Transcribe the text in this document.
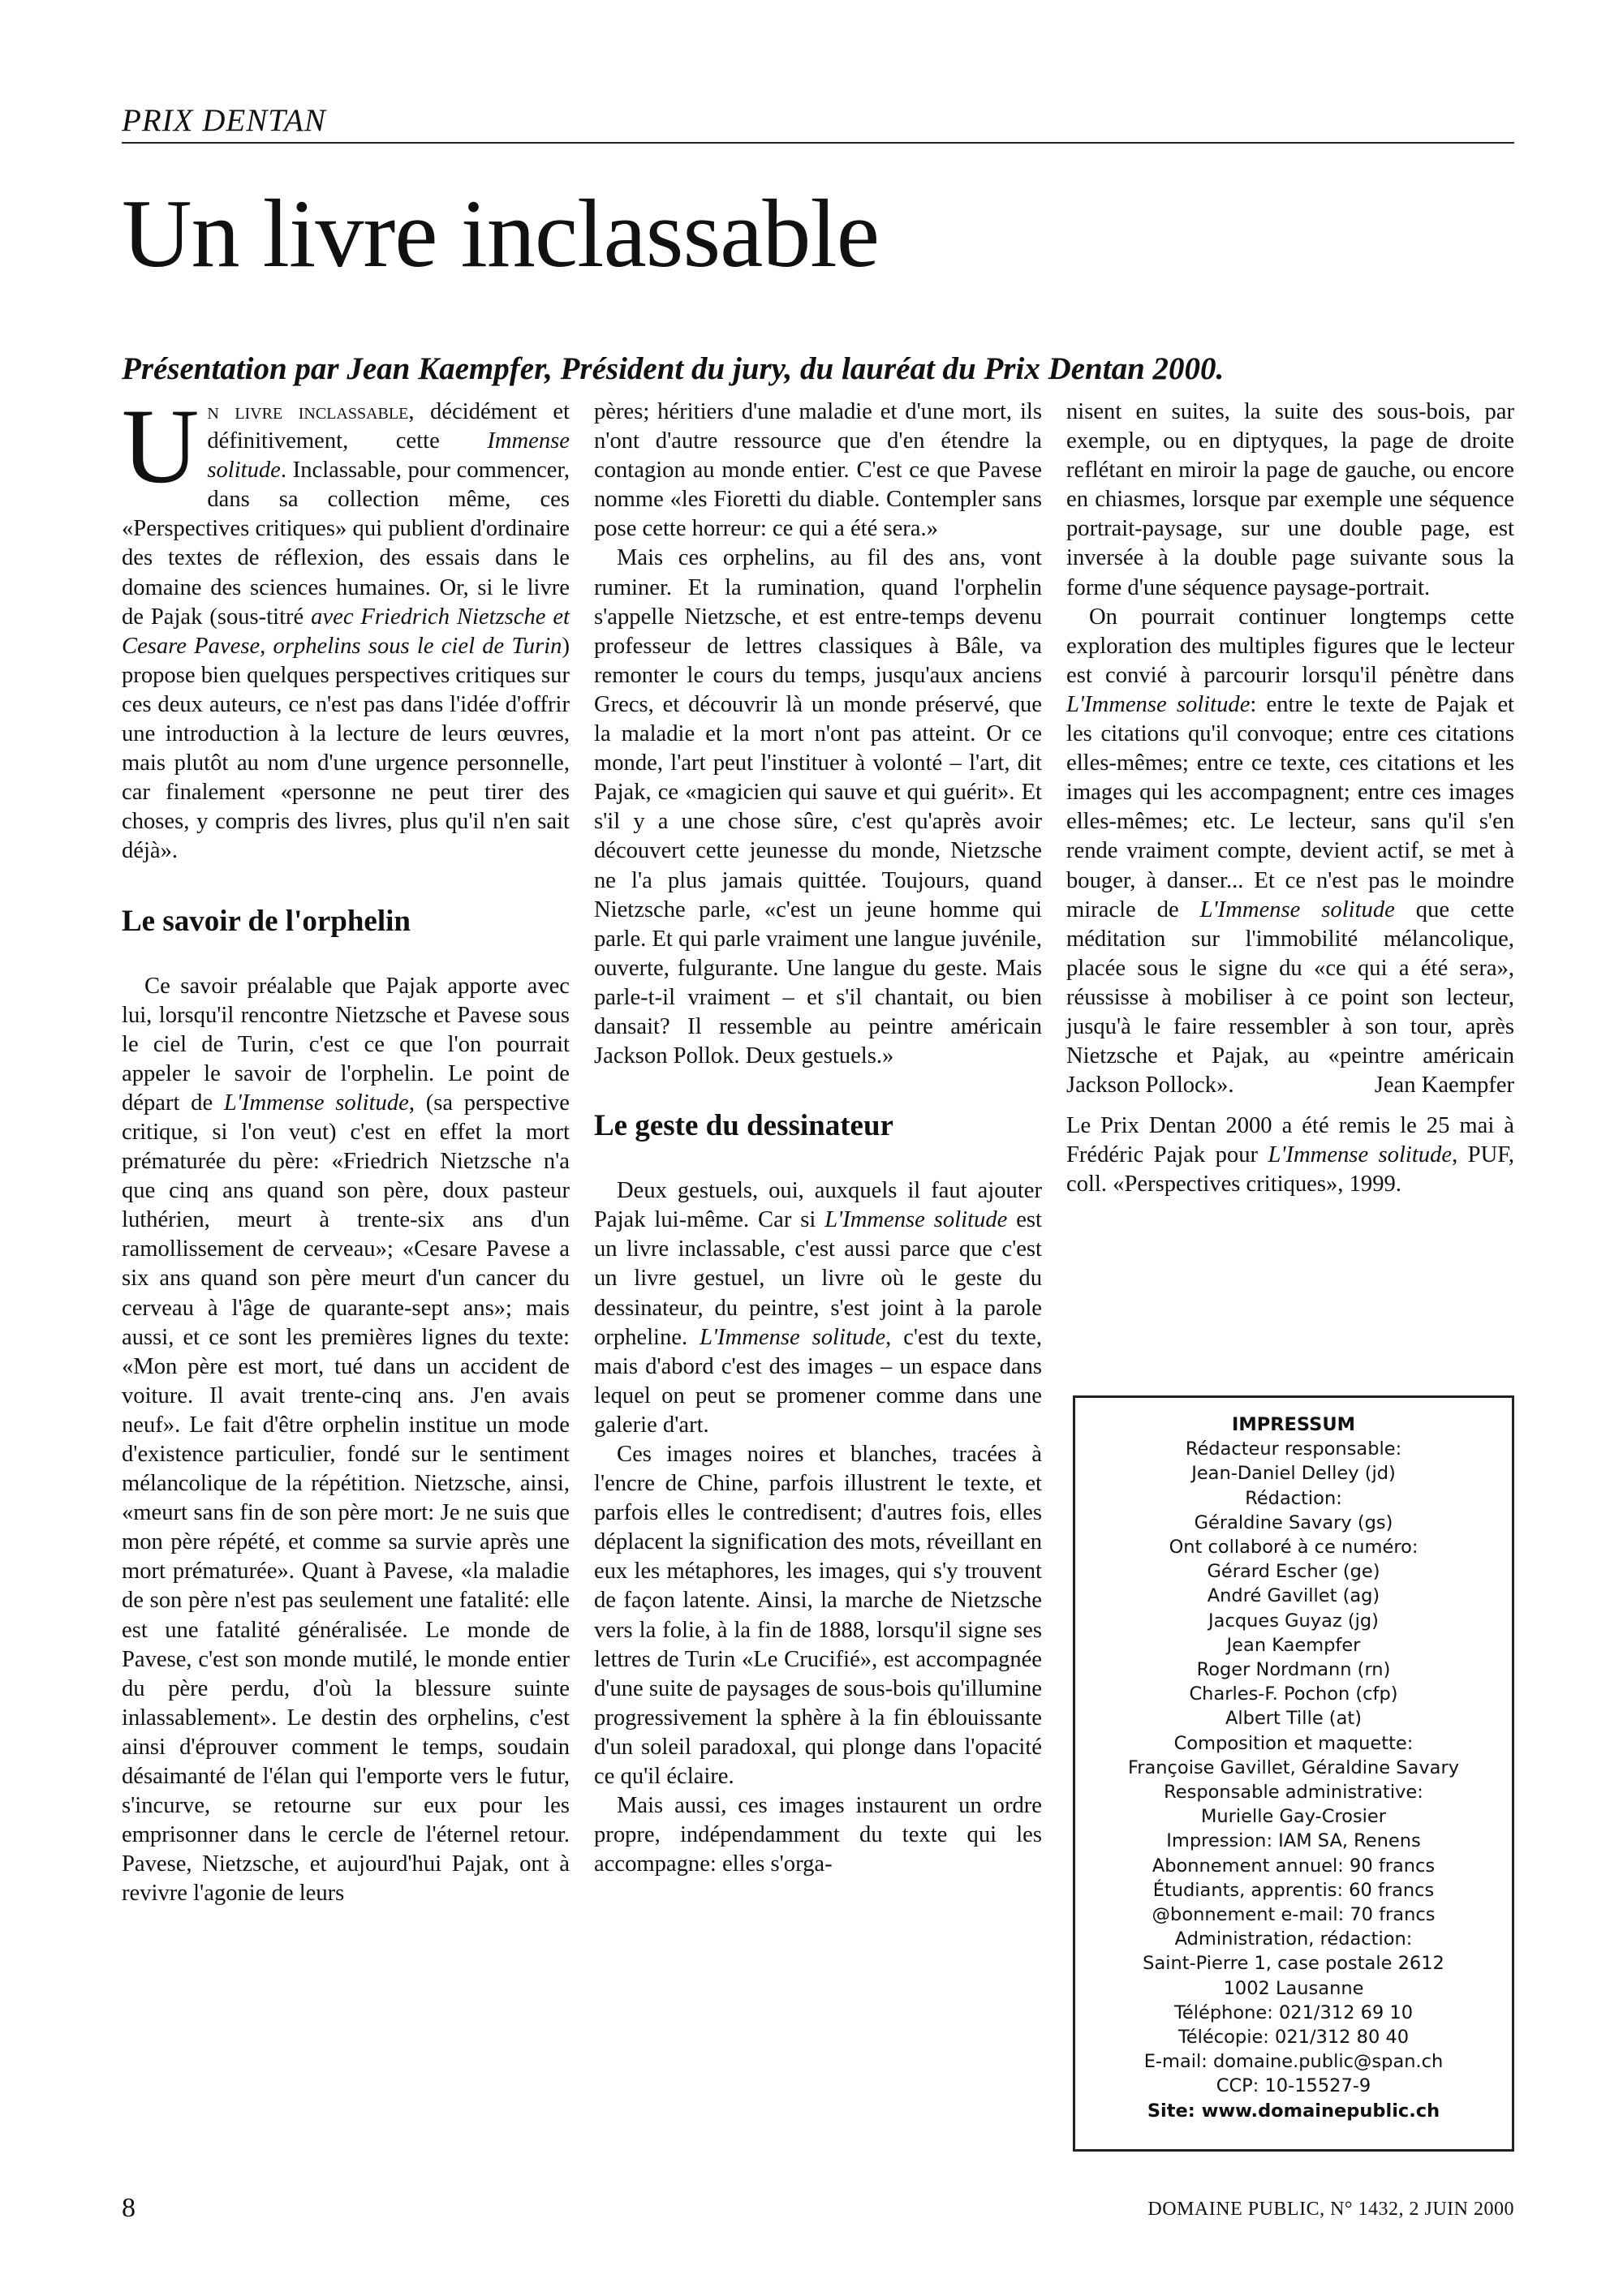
PRIX DENTAN
Un livre inclassable

Présentation par Jean Kaempfer, Président du jury, du lauréat du Prix Dentan 2000.

Un livre inclassable, décidément et définitivement, cette Immense solitude. Inclassable, pour commencer, dans sa collection même, ces «Perspectives critiques» qui publient d'ordinaire des textes de réflexion, des essais dans le domaine des sciences humaines. Or, si le livre de Pajak (sous-titré avec Friedrich Nietzsche et Cesare Pavese, orphelins sous le ciel de Turin) propose bien quelques perspectives critiques sur ces deux auteurs, ce n'est pas dans l'idée d'offrir une introduction à la lecture de leurs œuvres, mais plutôt au nom d'une urgence personnelle, car finalement «personne ne peut tirer des choses, y compris des livres, plus qu'il n'en sait déjà».

Le savoir de l'orphelin

Ce savoir préalable que Pajak apporte avec lui, lorsqu'il rencontre Nietzsche et Pavese sous le ciel de Turin, c'est ce que l'on pourrait appeler le savoir de l'orphelin. Le point de départ de L'Immense solitude, (sa perspective critique, si l'on veut) c'est en effet la mort prématurée du père: «Friedrich Nietzsche n'a que cinq ans quand son père, doux pasteur luthérien, meurt à trente-six ans d'un ramollissement de cerveau»; «Cesare Pavese a six ans quand son père meurt d'un cancer du cerveau à l'âge de quarante-sept ans»; mais aussi, et ce sont les premières lignes du texte: «Mon père est mort, tué dans un accident de voiture. Il avait trente-cinq ans. J'en avais neuf». Le fait d'être orphelin institue un mode d'existence particulier, fondé sur le sentiment mélancolique de la répétition. Nietzsche, ainsi, «meurt sans fin de son père mort: Je ne suis que mon père répété, et comme sa survie après une mort prématurée». Quant à Pavese, «la maladie de son père n'est pas seulement une fatalité: elle est une fatalité généralisée. Le monde de Pavese, c'est son monde mutilé, le monde entier du père perdu, d'où la blessure suinte inlassablement». Le destin des orphelins, c'est ainsi d'éprouver comment le temps, soudain désaimanté de l'élan qui l'emporte vers le futur, s'incurve, se retourne sur eux pour les emprisonner dans le cercle de l'éternel retour. Pavese, Nietzsche, et aujourd'hui Pajak, ont à revivre l'agonie de leurs

pères; héritiers d'une maladie et d'une mort, ils n'ont d'autre ressource que d'en étendre la contagion au monde entier. C'est ce que Pavese nomme «les Fioretti du diable. Contempler sans pose cette horreur: ce qui a été sera.»

Mais ces orphelins, au fil des ans, vont ruminer. Et la rumination, quand l'orphelin s'appelle Nietzsche, et est entre-temps devenu professeur de lettres classiques à Bâle, va remonter le cours du temps, jusqu'aux anciens Grecs, et découvrir là un monde préservé, que la maladie et la mort n'ont pas atteint. Or ce monde, l'art peut l'instituer à volonté – l'art, dit Pajak, ce «magicien qui sauve et qui guérit». Et s'il y a une chose sûre, c'est qu'après avoir découvert cette jeunesse du monde, Nietzsche ne l'a plus jamais quittée. Toujours, quand Nietzsche parle, «c'est un jeune homme qui parle. Et qui parle vraiment une langue juvénile, ouverte, fulgurante. Une langue du geste. Mais parle-t-il vraiment – et s'il chantait, ou bien dansait? Il ressemble au peintre américain Jackson Pollok. Deux gestuels.»

Le geste du dessinateur

Deux gestuels, oui, auxquels il faut ajouter Pajak lui-même. Car si L'Immense solitude est un livre inclassable, c'est aussi parce que c'est un livre gestuel, un livre où le geste du dessinateur, du peintre, s'est joint à la parole orpheline. L'Immense solitude, c'est du texte, mais d'abord c'est des images – un espace dans lequel on peut se promener comme dans une galerie d'art.

Ces images noires et blanches, tracées à l'encre de Chine, parfois illustrent le texte, et parfois elles le contredisent; d'autres fois, elles déplacent la signification des mots, réveillant en eux les métaphores, les images, qui s'y trouvent de façon latente. Ainsi, la marche de Nietzsche vers la folie, à la fin de 1888, lorsqu'il signe ses lettres de Turin «Le Crucifié», est accompagnée d'une suite de paysages de sous-bois qu'illumine progressivement la sphère à la fin éblouissante d'un soleil paradoxal, qui plonge dans l'opacité ce qu'il éclaire.

Mais aussi, ces images instaurent un ordre propre, indépendamment du texte qui les accompagne: elles s'orga-

nisent en suites, la suite des sous-bois, par exemple, ou en diptyques, la page de droite reflétant en miroir la page de gauche, ou encore en chiasmes, lorsque par exemple une séquence portrait-paysage, sur une double page, est inversée à la double page suivante sous la forme d'une séquence paysage-portrait.

On pourrait continuer longtemps cette exploration des multiples figures que le lecteur est convié à parcourir lorsqu'il pénètre dans L'Immense solitude: entre le texte de Pajak et les citations qu'il convoque; entre ces citations elles-mêmes; entre ce texte, ces citations et les images qui les accompagnent; entre ces images elles-mêmes; etc. Le lecteur, sans qu'il s'en rende vraiment compte, devient actif, se met à bouger, à danser... Et ce n'est pas le moindre miracle de L'Immense solitude que cette méditation sur l'immobilité mélancolique, placée sous le signe du «ce qui a été sera», réussisse à mobiliser à ce point son lecteur, jusqu'à le faire ressembler à son tour, après Nietzsche et Pajak, au «peintre américain Jackson Pollock».	Jean Kaempfer

Le Prix Dentan 2000 a été remis le 25 mai à Frédéric Pajak pour L'Immense solitude, PUF, coll. «Perspectives critiques», 1999.

IMPRESSUM
Rédacteur responsable:
Jean-Daniel Delley (jd)
Rédaction:
Géraldine Savary (gs)
Ont collaboré à ce numéro:
Gérard Escher (ge)
André Gavillet (ag)
Jacques Guyaz (jg)
Jean Kaempfer
Roger Nordmann (rn)
Charles-F. Pochon (cfp)
Albert Tille (at)
Composition et maquette:
Françoise Gavillet, Géraldine Savary
Responsable administrative:
Murielle Gay-Crosier
Impression: IAM SA, Renens
Abonnement annuel: 90 francs
Étudiants, apprentis: 60 francs
@bonnement e-mail: 70 francs
Administration, rédaction:
Saint-Pierre 1, case postale 2612
1002 Lausanne
Téléphone: 021/312 69 10
Télécopie: 021/312 80 40
E-mail: domaine.public@span.ch
CCP: 10-15527-9
Site: www.domainepublic.ch
8	DOMAINE PUBLIC, N° 1432, 2 JUIN 2000
